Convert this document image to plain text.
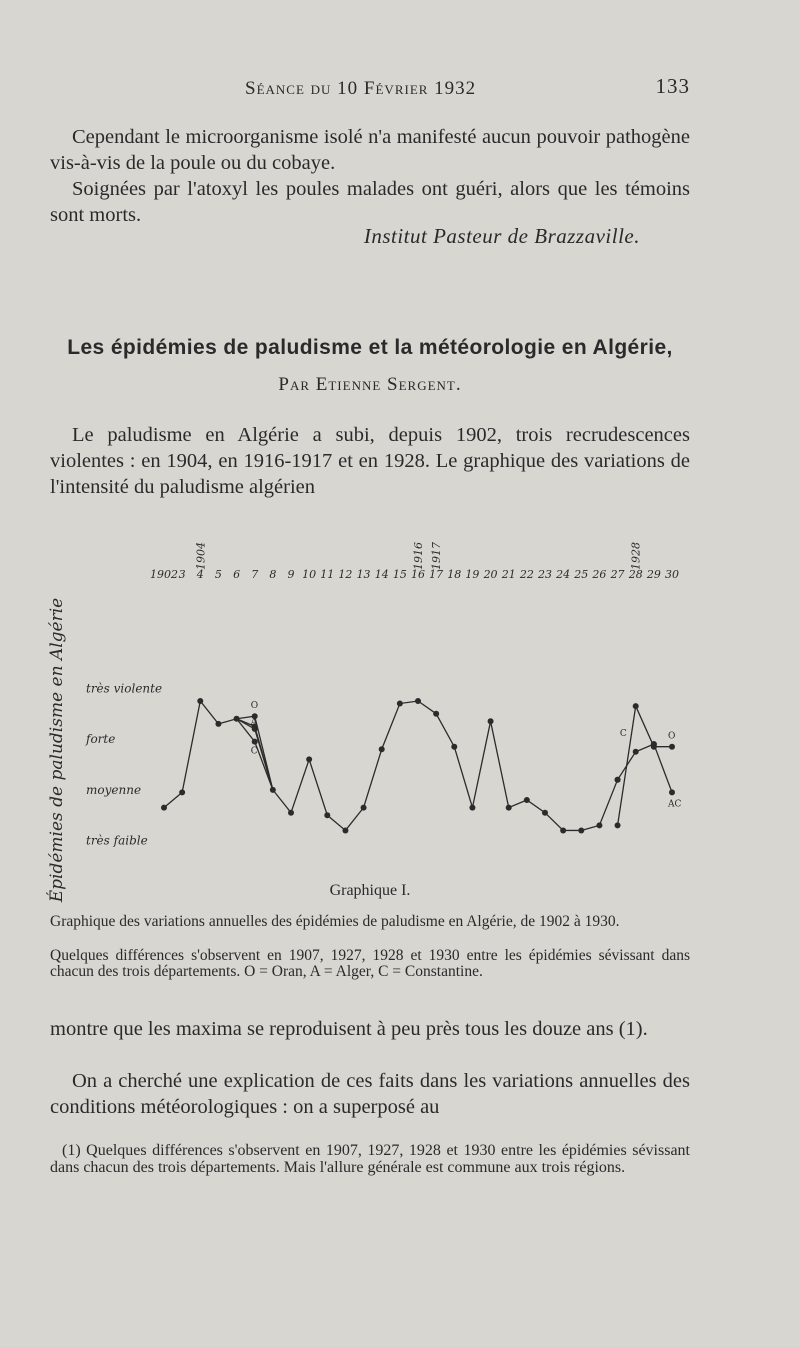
Séance du 10 Février 1932	133

Cependant le microorganisme isolé n'a manifesté aucun pouvoir pathogène vis-à-vis de la poule ou du cobaye.

Soignées par l'atoxyl les poules malades ont guéri, alors que les témoins sont morts.

Institut Pasteur de Brazzaville.
Les épidémies de paludisme et la météorologie en Algérie,
Par Etienne Sergent.

Le paludisme en Algérie a subi, depuis 1902, trois recrudescences violentes : en 1904, en 1916-1917 et en 1928. Le graphique des variations de l'intensité du paludisme algérien

1902 3 4 5 6 7 8 9 10 11 12 13 14 15 16 17 18 19 20 21 22 23 24 25 26 27 28 29 30
1904	1916 1917	1928
Épidémies de paludisme en Algérie très faible
moyenne
forte
très violente
O
A
C
O
C
AC
Graphique I.

Graphique des variations annuelles des épidémies de paludisme en Algérie, de 1902 à 1930.

Quelques différences s'observent en 1907, 1927, 1928 et 1930 entre les épidémies sévissant dans chacun des trois départements. O = Oran, A = Alger, C = Constantine.

montre que les maxima se reproduisent à peu près tous les douze ans (1).

On a cherché une explication de ces faits dans les variations annuelles des conditions météorologiques : on a superposé au

(1) Quelques différences s'observent en 1907, 1927, 1928 et 1930 entre les épidémies sévissant dans chacun des trois départements. Mais l'allure générale est commune aux trois régions.
